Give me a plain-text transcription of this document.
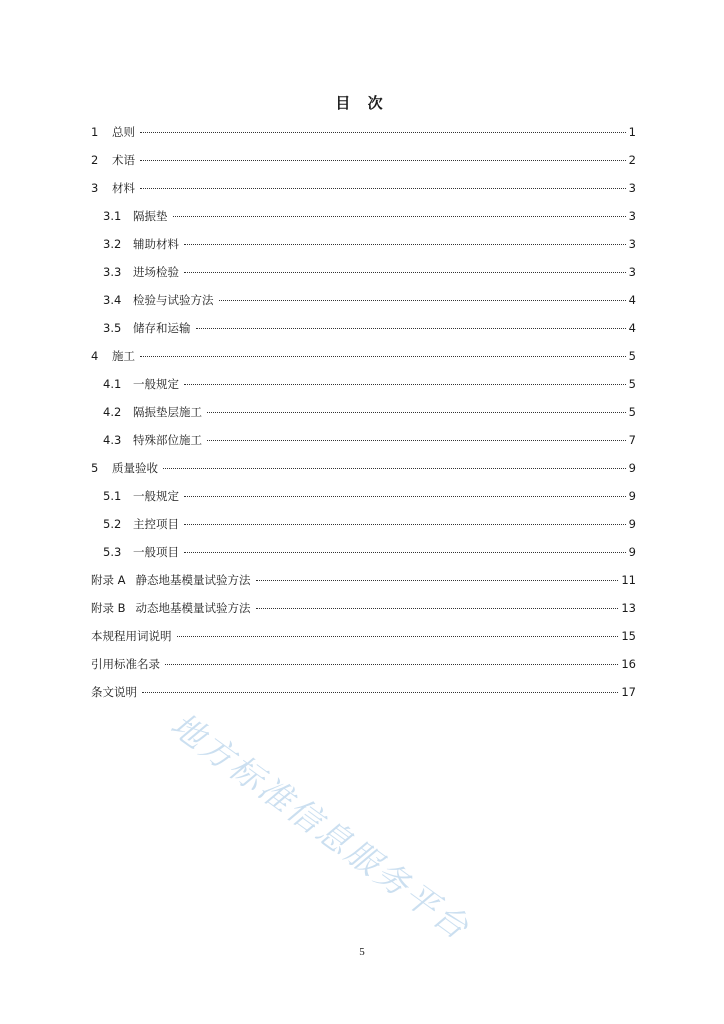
目 次
1	总则	1
2	术语	2
3	材料	3
3.1	隔振垫	3
3.2	辅助材料	3
3.3	进场检验	3
3.4	检验与试验方法	4
3.5	储存和运输	4
4	施工	5
4.1	一般规定	5
4.2	隔振垫层施工	5
4.3	特殊部位施工	7
5	质量验收	9
5.1	一般规定	9
5.2	主控项目	9
5.3	一般项目	9
附录 A 静态地基模量试验方法	11
附录 B 动态地基模量试验方法	13
本规程用词说明	15
引用标准名录	16
条文说明	17
地方标准信息服务平台
5
